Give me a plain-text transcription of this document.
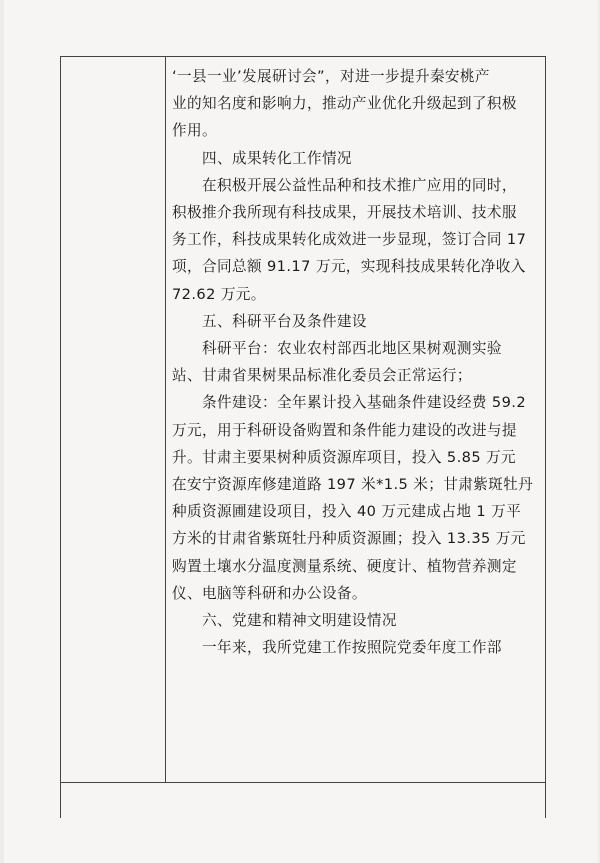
‘一县一业’发展研讨会”，对进一步提升秦安桃产

业的知名度和影响力，推动产业优化升级起到了积极

作用。

　　四、成果转化工作情况

　　在积极开展公益性品种和技术推广应用的同时，

积极推介我所现有科技成果，开展技术培训、技术服

务工作，科技成果转化成效进一步显现，签订合同 17

项，合同总额 91.17 万元，实现科技成果转化净收入

72.62 万元。

　　五、科研平台及条件建设

　　科研平台：农业农村部西北地区果树观测实验

站、甘肃省果树果品标准化委员会正常运行；

　　条件建设：全年累计投入基础条件建设经费 59.2

万元，用于科研设备购置和条件能力建设的改进与提

升。甘肃主要果树种质资源库项目，投入 5.85 万元

在安宁资源库修建道路 197 米*1.5 米；甘肃紫斑牡丹

种质资源圃建设项目，投入 40 万元建成占地 1 万平

方米的甘肃省紫斑牡丹种质资源圃；投入 13.35 万元

购置土壤水分温度测量系统、硬度计、植物营养测定

仪、电脑等科研和办公设备。

　　六、党建和精神文明建设情况

　　一年来，我所党建工作按照院党委年度工作部
